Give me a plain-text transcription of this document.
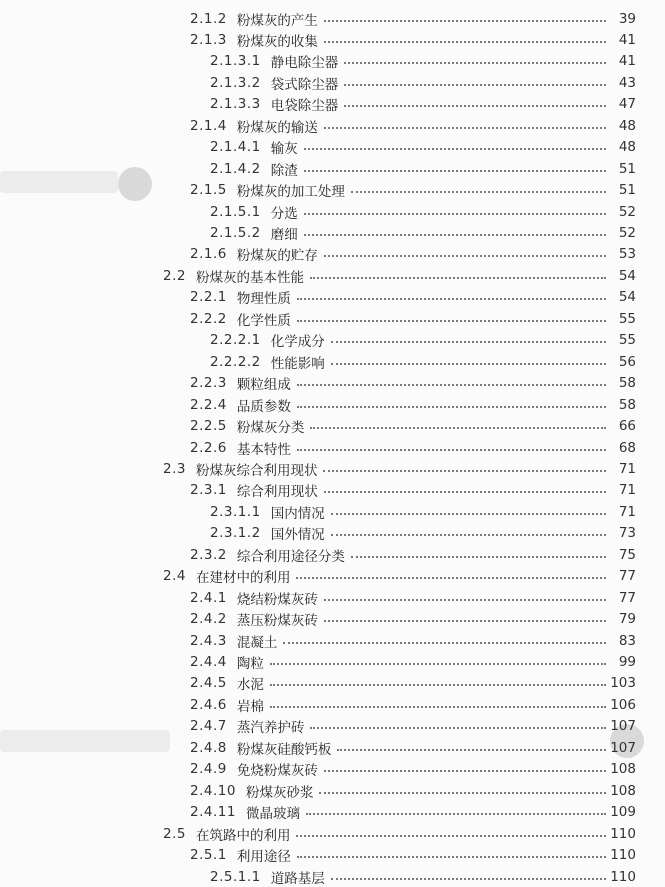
2.1.2 粉煤灰的产生	39
2.1.3 粉煤灰的收集	41
2.1.3.1 静电除尘器	41
2.1.3.2 袋式除尘器	43
2.1.3.3 电袋除尘器	47
2.1.4 粉煤灰的输送	48
2.1.4.1 输灰	48
2.1.4.2 除渣	51
2.1.5 粉煤灰的加工处理	51
2.1.5.1 分选	52
2.1.5.2 磨细	52
2.1.6 粉煤灰的贮存	53
2.2 粉煤灰的基本性能	54
2.2.1 物理性质	54
2.2.2 化学性质	55
2.2.2.1 化学成分	55
2.2.2.2 性能影响	56
2.2.3 颗粒组成	58
2.2.4 品质参数	58
2.2.5 粉煤灰分类	66
2.2.6 基本特性	68
2.3 粉煤灰综合利用现状	71
2.3.1 综合利用现状	71
2.3.1.1 国内情况	71
2.3.1.2 国外情况	73
2.3.2 综合利用途径分类	75
2.4 在建材中的利用	77
2.4.1 烧结粉煤灰砖	77
2.4.2 蒸压粉煤灰砖	79
2.4.3 混凝土	83
2.4.4 陶粒	99
2.4.5 水泥	103
2.4.6 岩棉	106
2.4.7 蒸汽养护砖	107
2.4.8 粉煤灰硅酸钙板	107
2.4.9 免烧粉煤灰砖	108
2.4.10 粉煤灰砂浆	108
2.4.11 微晶玻璃	109
2.5 在筑路中的利用	110
2.5.1 利用途径	110
2.5.1.1 道路基层	110
